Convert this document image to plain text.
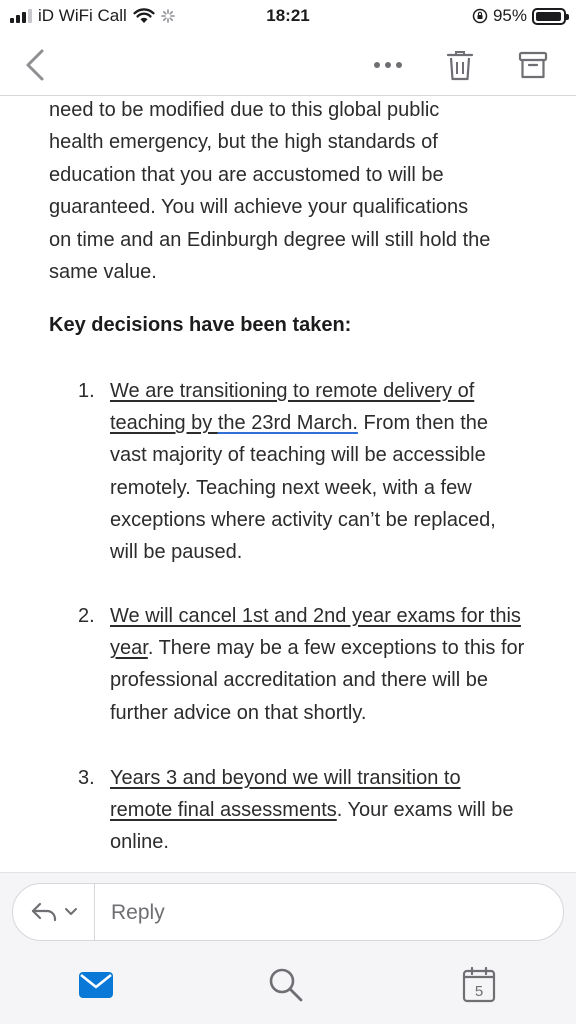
iD WiFi Call	18:21	95%
need to be modified due to this global public
health emergency, but the high standards of
education that you are accustomed to will be
guaranteed. You will achieve your qualifications
on time and an Edinburgh degree will still hold the
same value.
Key decisions have been taken:
1. We are transitioning to remote delivery of teaching by the 23rd March. From then the vast majority of teaching will be accessible remotely. Teaching next week, with a few exceptions where activity can’t be replaced, will be paused.
2. We will cancel 1st and 2nd year exams for this year. There may be a few exceptions to this for professional accreditation and there will be further advice on that shortly.
3. Years 3 and beyond we will transition to remote final assessments. Your exams will be online.
Reply
5
